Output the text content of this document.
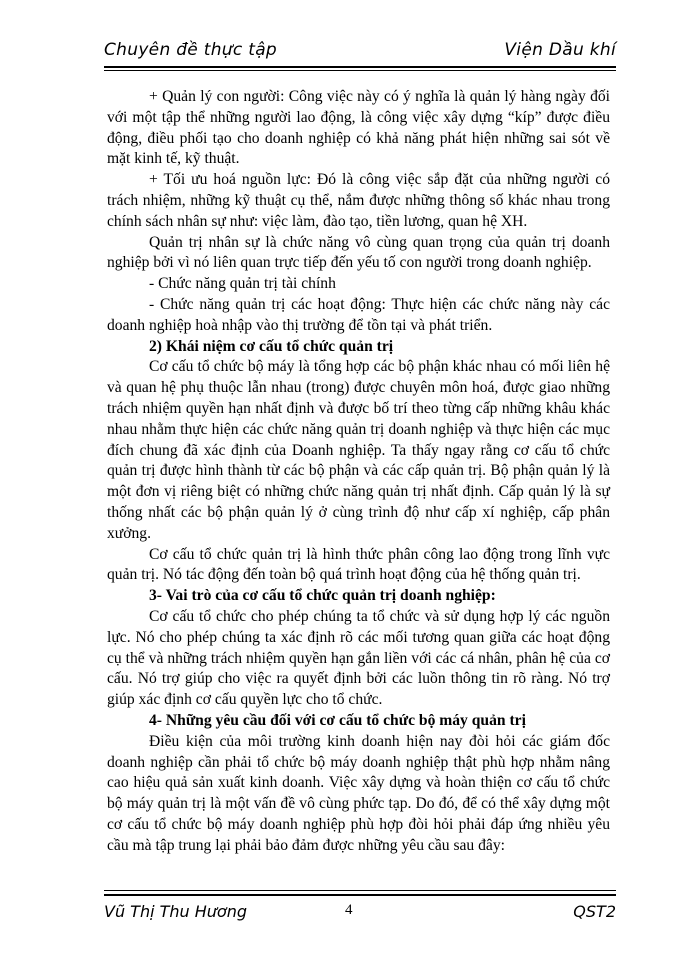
Chuyên đề thực tập	Viện Dầu khí

+ Quản lý con người: Công việc này có ý nghĩa là quản lý hàng ngày đối với một tập thể những người lao động, là công việc xây dựng “kíp” được điều động, điều phối tạo cho doanh nghiệp có khả năng phát hiện những sai sót về mặt kinh tế, kỹ thuật.

+ Tối ưu hoá nguồn lực: Đó là công việc sắp đặt của những người có trách nhiệm, những kỹ thuật cụ thể, nắm được những thông số khác nhau trong chính sách nhân sự như: việc làm, đào tạo, tiền lương, quan hệ XH.

Quản trị nhân sự là chức năng vô cùng quan trọng của quản trị doanh nghiệp bởi vì nó liên quan trực tiếp đến yếu tố con người trong doanh nghiệp.

- Chức năng quản trị tài chính

- Chức năng quản trị các hoạt động: Thực hiện các chức năng này các doanh nghiệp hoà nhập vào thị trường để tồn tại và phát triển.

2) Khái niệm cơ cấu tổ chức quản trị

Cơ cấu tổ chức bộ máy là tổng hợp các bộ phận khác nhau có mối liên hệ và quan hệ phụ thuộc lẫn nhau (trong) được chuyên môn hoá, được giao những trách nhiệm quyền hạn nhất định và được bố trí theo từng cấp những khâu khác nhau nhằm thực hiện các chức năng quản trị doanh nghiệp và thực hiện các mục đích chung đã xác định của Doanh nghiệp. Ta thấy ngay rằng cơ cấu tổ chức quản trị được hình thành từ các bộ phận và các cấp quản trị. Bộ phận quản lý là một đơn vị riêng biệt có những chức năng quản trị nhất định. Cấp quản lý là sự thống nhất các bộ phận quản lý ở cùng trình độ như cấp xí nghiệp, cấp phân xưởng.

Cơ cấu tổ chức quản trị là hình thức phân công lao động trong lĩnh vực quản trị. Nó tác động đến toàn bộ quá trình hoạt động của hệ thống quản trị.

3- Vai trò của cơ cấu tổ chức quản trị doanh nghiệp:

Cơ cấu tổ chức cho phép chúng ta tổ chức và sử dụng hợp lý các nguồn lực. Nó cho phép chúng ta xác định rõ các mối tương quan giữa các hoạt động cụ thể và những trách nhiệm quyền hạn gắn liền với các cá nhân, phân hệ của cơ cấu. Nó trợ giúp cho việc ra quyết định bởi các luồn thông tin rõ ràng. Nó trợ giúp xác định cơ cấu quyền lực cho tổ chức.

4- Những yêu cầu đối với cơ cấu tổ chức bộ máy quản trị

Điều kiện của môi trường kinh doanh hiện nay đòi hỏi các giám đốc doanh nghiệp cần phải tổ chức bộ máy doanh nghiệp thật phù hợp nhằm nâng cao hiệu quả sản xuất kinh doanh. Việc xây dựng và hoàn thiện cơ cấu tổ chức bộ máy quản trị là một vấn đề vô cùng phức tạp. Do đó, để có thể xây dựng một cơ cấu tổ chức bộ máy doanh nghiệp phù hợp đòi hỏi phải đáp ứng nhiều yêu cầu mà tập trung lại phải bảo đảm được những yêu cầu sau đây:

Vũ Thị Thu Hương	4	QST2
